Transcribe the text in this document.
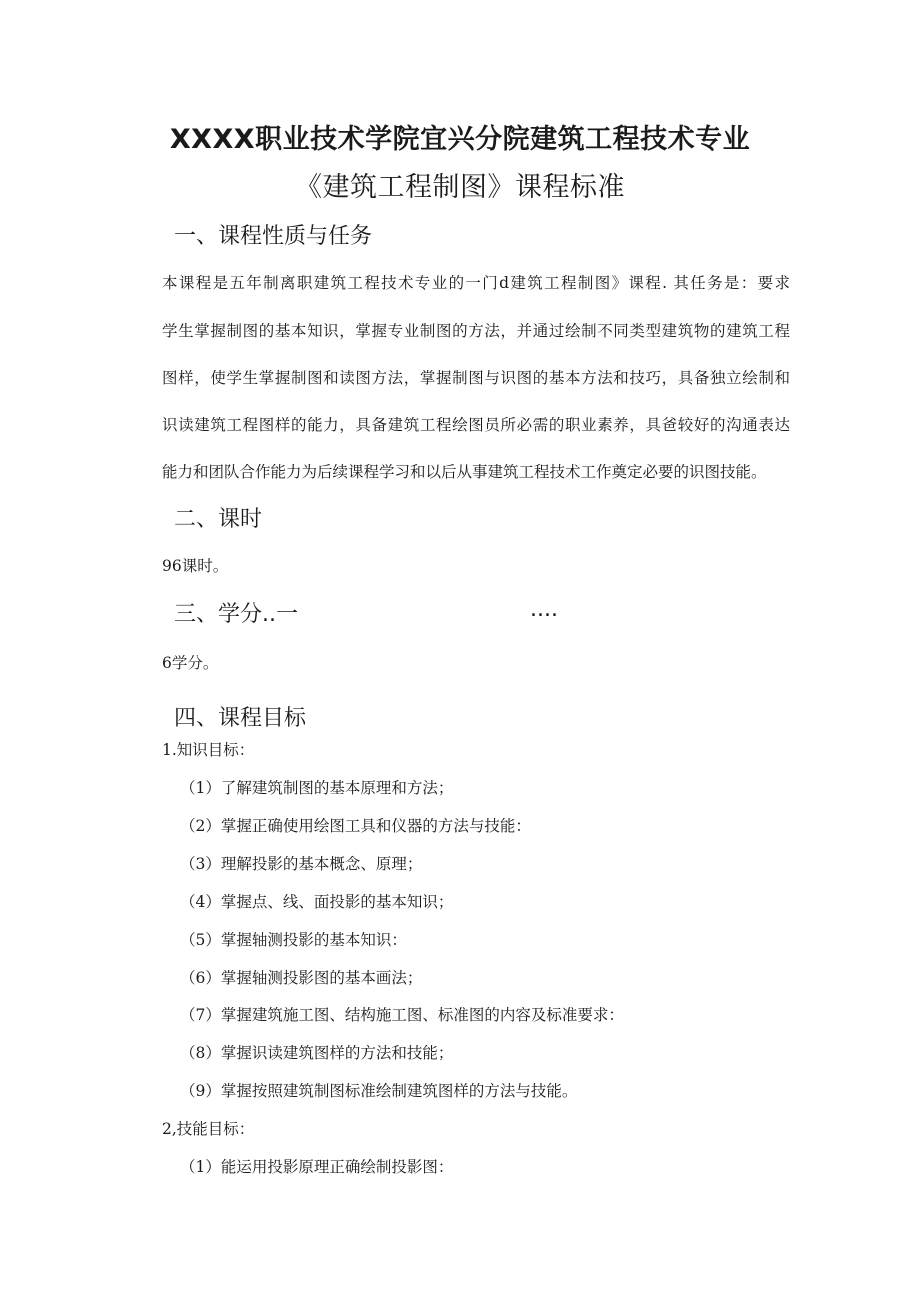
XXXX职业技术学院宜兴分院建筑工程技术专业
《建筑工程制图》课程标准
一、课程性质与任务
本课程是五年制离职建筑工程技术专业的一门d建筑工程制图》课程. 其任务是：要求
学生掌握制图的基本知识，掌握专业制图的方法，并通过绘制不同类型建筑物的建筑工程
图样，使学生掌握制图和读图方法，掌握制图与识图的基本方法和技巧，具备独立绘制和
识读建筑工程图样的能力，具备建筑工程绘图员所必需的职业素养，具爸较好的沟通表达
能力和团队合作能力为后续课程学习和以后从事建筑工程技术工作奠定必要的识图技能。
二、课时
96课时。
三、学分..一	....
6学分。
四、课程目标
1.知识目标：
（1）了解建筑制图的基本原理和方法；
（2）掌握正确使用绘图工具和仪器的方法与技能：
（3）理解投影的基本概念、原理；
（4）掌握点、线、面投影的基本知识；
（5）掌握轴测投影的基本知识：
（6）掌握轴测投影图的基本画法；
（7）掌握建筑施工图、结构施工图、标准图的内容及标准要求：
（8）掌握识读建筑图样的方法和技能；
（9）掌握按照建筑制图标准绘制建筑图样的方法与技能。
2,技能目标：
（1）能运用投影原理正确绘制投影图：
